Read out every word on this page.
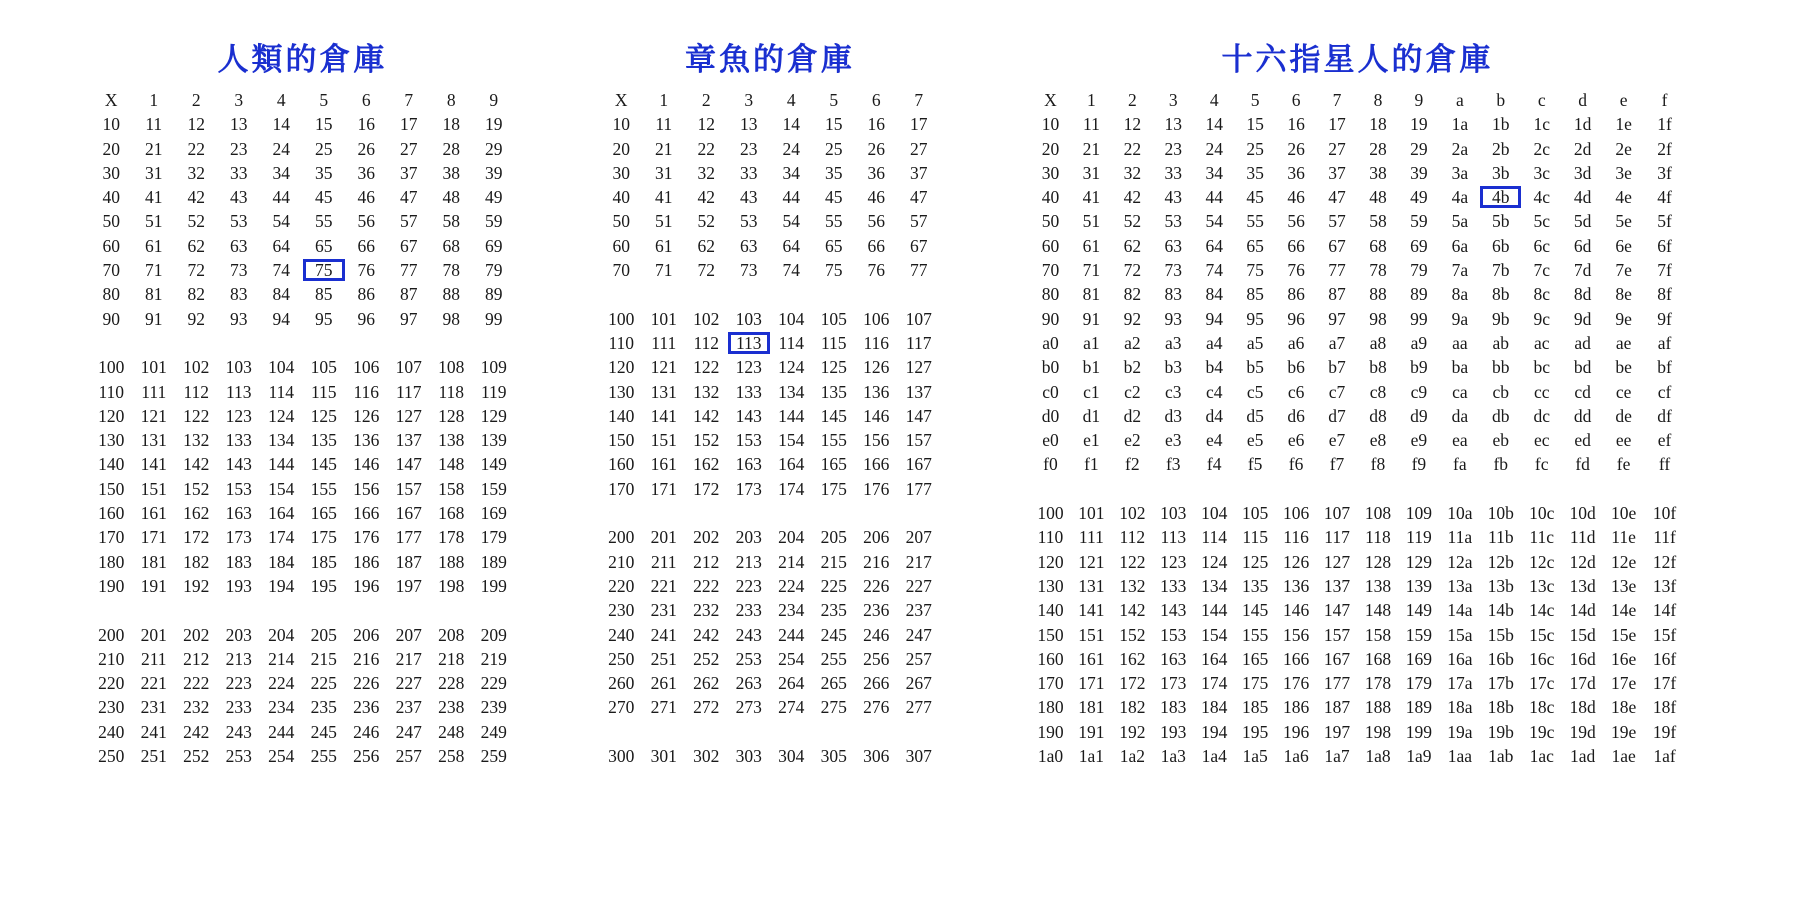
人類的倉庫
X	1	2	3	4	5	6	7	8	9
10	11	12	13	14	15	16	17	18	19
20	21	22	23	24	25	26	27	28	29
30	31	32	33	34	35	36	37	38	39
40	41	42	43	44	45	46	47	48	49
50	51	52	53	54	55	56	57	58	59
60	61	62	63	64	65	66	67	68	69
70	71	72	73	74	75	76	77	78	79
80	81	82	83	84	85	86	87	88	89
90	91	92	93	94	95	96	97	98	99
100 101 102 103 104 105 106 107 108 109
110 111 112 113 114 115 116 117 118 119
120 121 122 123 124 125 126 127 128 129
130 131 132 133 134 135 136 137 138 139
140 141 142 143 144 145 146 147 148 149
150 151 152 153 154 155 156 157 158 159
160 161 162 163 164 165 166 167 168 169
170 171 172 173 174 175 176 177 178 179
180 181 182 183 184 185 186 187 188 189
190 191 192 193 194 195 196 197 198 199
200 201 202 203 204 205 206 207 208 209
210 211 212 213 214 215 216 217 218 219
220 221 222 223 224 225 226 227 228 229
230 231 232 233 234 235 236 237 238 239
240 241 242 243 244 245 246 247 248 249
250 251 252 253 254 255 256 257 258 259
章魚的倉庫
X	1	2	3	4	5	6	7
10	11	12	13	14	15	16	17
20	21	22	23	24	25	26	27
30	31	32	33	34	35	36	37
40	41	42	43	44	45	46	47
50	51	52	53	54	55	56	57
60	61	62	63	64	65	66	67
70	71	72	73	74	75	76	77
100 101 102 103 104 105 106 107
110 111 112 113 114 115 116 117
120 121 122 123 124 125 126 127
130 131 132 133 134 135 136 137
140 141 142 143 144 145 146 147
150 151 152 153 154 155 156 157
160 161 162 163 164 165 166 167
170 171 172 173 174 175 176 177
200 201 202 203 204 205 206 207
210 211 212 213 214 215 216 217
220 221 222 223 224 225 226 227
230 231 232 233 234 235 236 237
240 241 242 243 244 245 246 247
250 251 252 253 254 255 256 257
260 261 262 263 264 265 266 267
270 271 272 273 274 275 276 277
300 301 302 303 304 305 306 307
十六指星人的倉庫
X	1	2	3	4	5	6	7	8	9	a	b	c	d	e	f
10	11	12	13	14	15	16	17	18	19	1a	1b	1c	1d	1e	1f
20	21	22	23	24	25	26	27	28	29	2a	2b	2c	2d	2e	2f
30	31	32	33	34	35	36	37	38	39	3a	3b	3c	3d	3e	3f
40	41	42	43	44	45	46	47	48	49	4a	4b	4c	4d	4e	4f
50	51	52	53	54	55	56	57	58	59	5a	5b	5c	5d	5e	5f
60	61	62	63	64	65	66	67	68	69	6a	6b	6c	6d	6e	6f
70	71	72	73	74	75	76	77	78	79	7a	7b	7c	7d	7e	7f
80	81	82	83	84	85	86	87	88	89	8a	8b	8c	8d	8e	8f
90	91	92	93	94	95	96	97	98	99	9a	9b	9c	9d	9e	9f
a0	a1	a2	a3	a4	a5	a6	a7	a8	a9	aa	ab	ac	ad	ae	af
b0	b1	b2	b3	b4	b5	b6	b7	b8	b9	ba	bb	bc	bd	be	bf
c0	c1	c2	c3	c4	c5	c6	c7	c8	c9	ca	cb	cc	cd	ce	cf
d0	d1	d2	d3	d4	d5	d6	d7	d8	d9	da	db	dc	dd	de	df
e0	e1	e2	e3	e4	e5	e6	e7	e8	e9	ea	eb	ec	ed	ee	ef
f0	f1	f2	f3	f4	f5	f6	f7	f8	f9	fa	fb	fc	fd	fe	ff
100 101 102 103 104 105 106 107 108 109 10a 10b 10c 10d 10e 10f
110 111 112 113 114 115 116 117 118 119 11a 11b 11c 11d 11e 11f
120 121 122 123 124 125 126 127 128 129 12a 12b 12c 12d 12e 12f
130 131 132 133 134 135 136 137 138 139 13a 13b 13c 13d 13e 13f
140 141 142 143 144 145 146 147 148 149 14a 14b 14c 14d 14e 14f
150 151 152 153 154 155 156 157 158 159 15a 15b 15c 15d 15e 15f
160 161 162 163 164 165 166 167 168 169 16a 16b 16c 16d 16e 16f
170 171 172 173 174 175 176 177 178 179 17a 17b 17c 17d 17e 17f
180 181 182 183 184 185 186 187 188 189 18a 18b 18c 18d 18e 18f
190 191 192 193 194 195 196 197 198 199 19a 19b 19c 19d 19e 19f
1a0 1a1 1a2 1a3 1a4 1a5 1a6 1a7 1a8 1a9 1aa 1ab 1ac 1ad 1ae	1af
